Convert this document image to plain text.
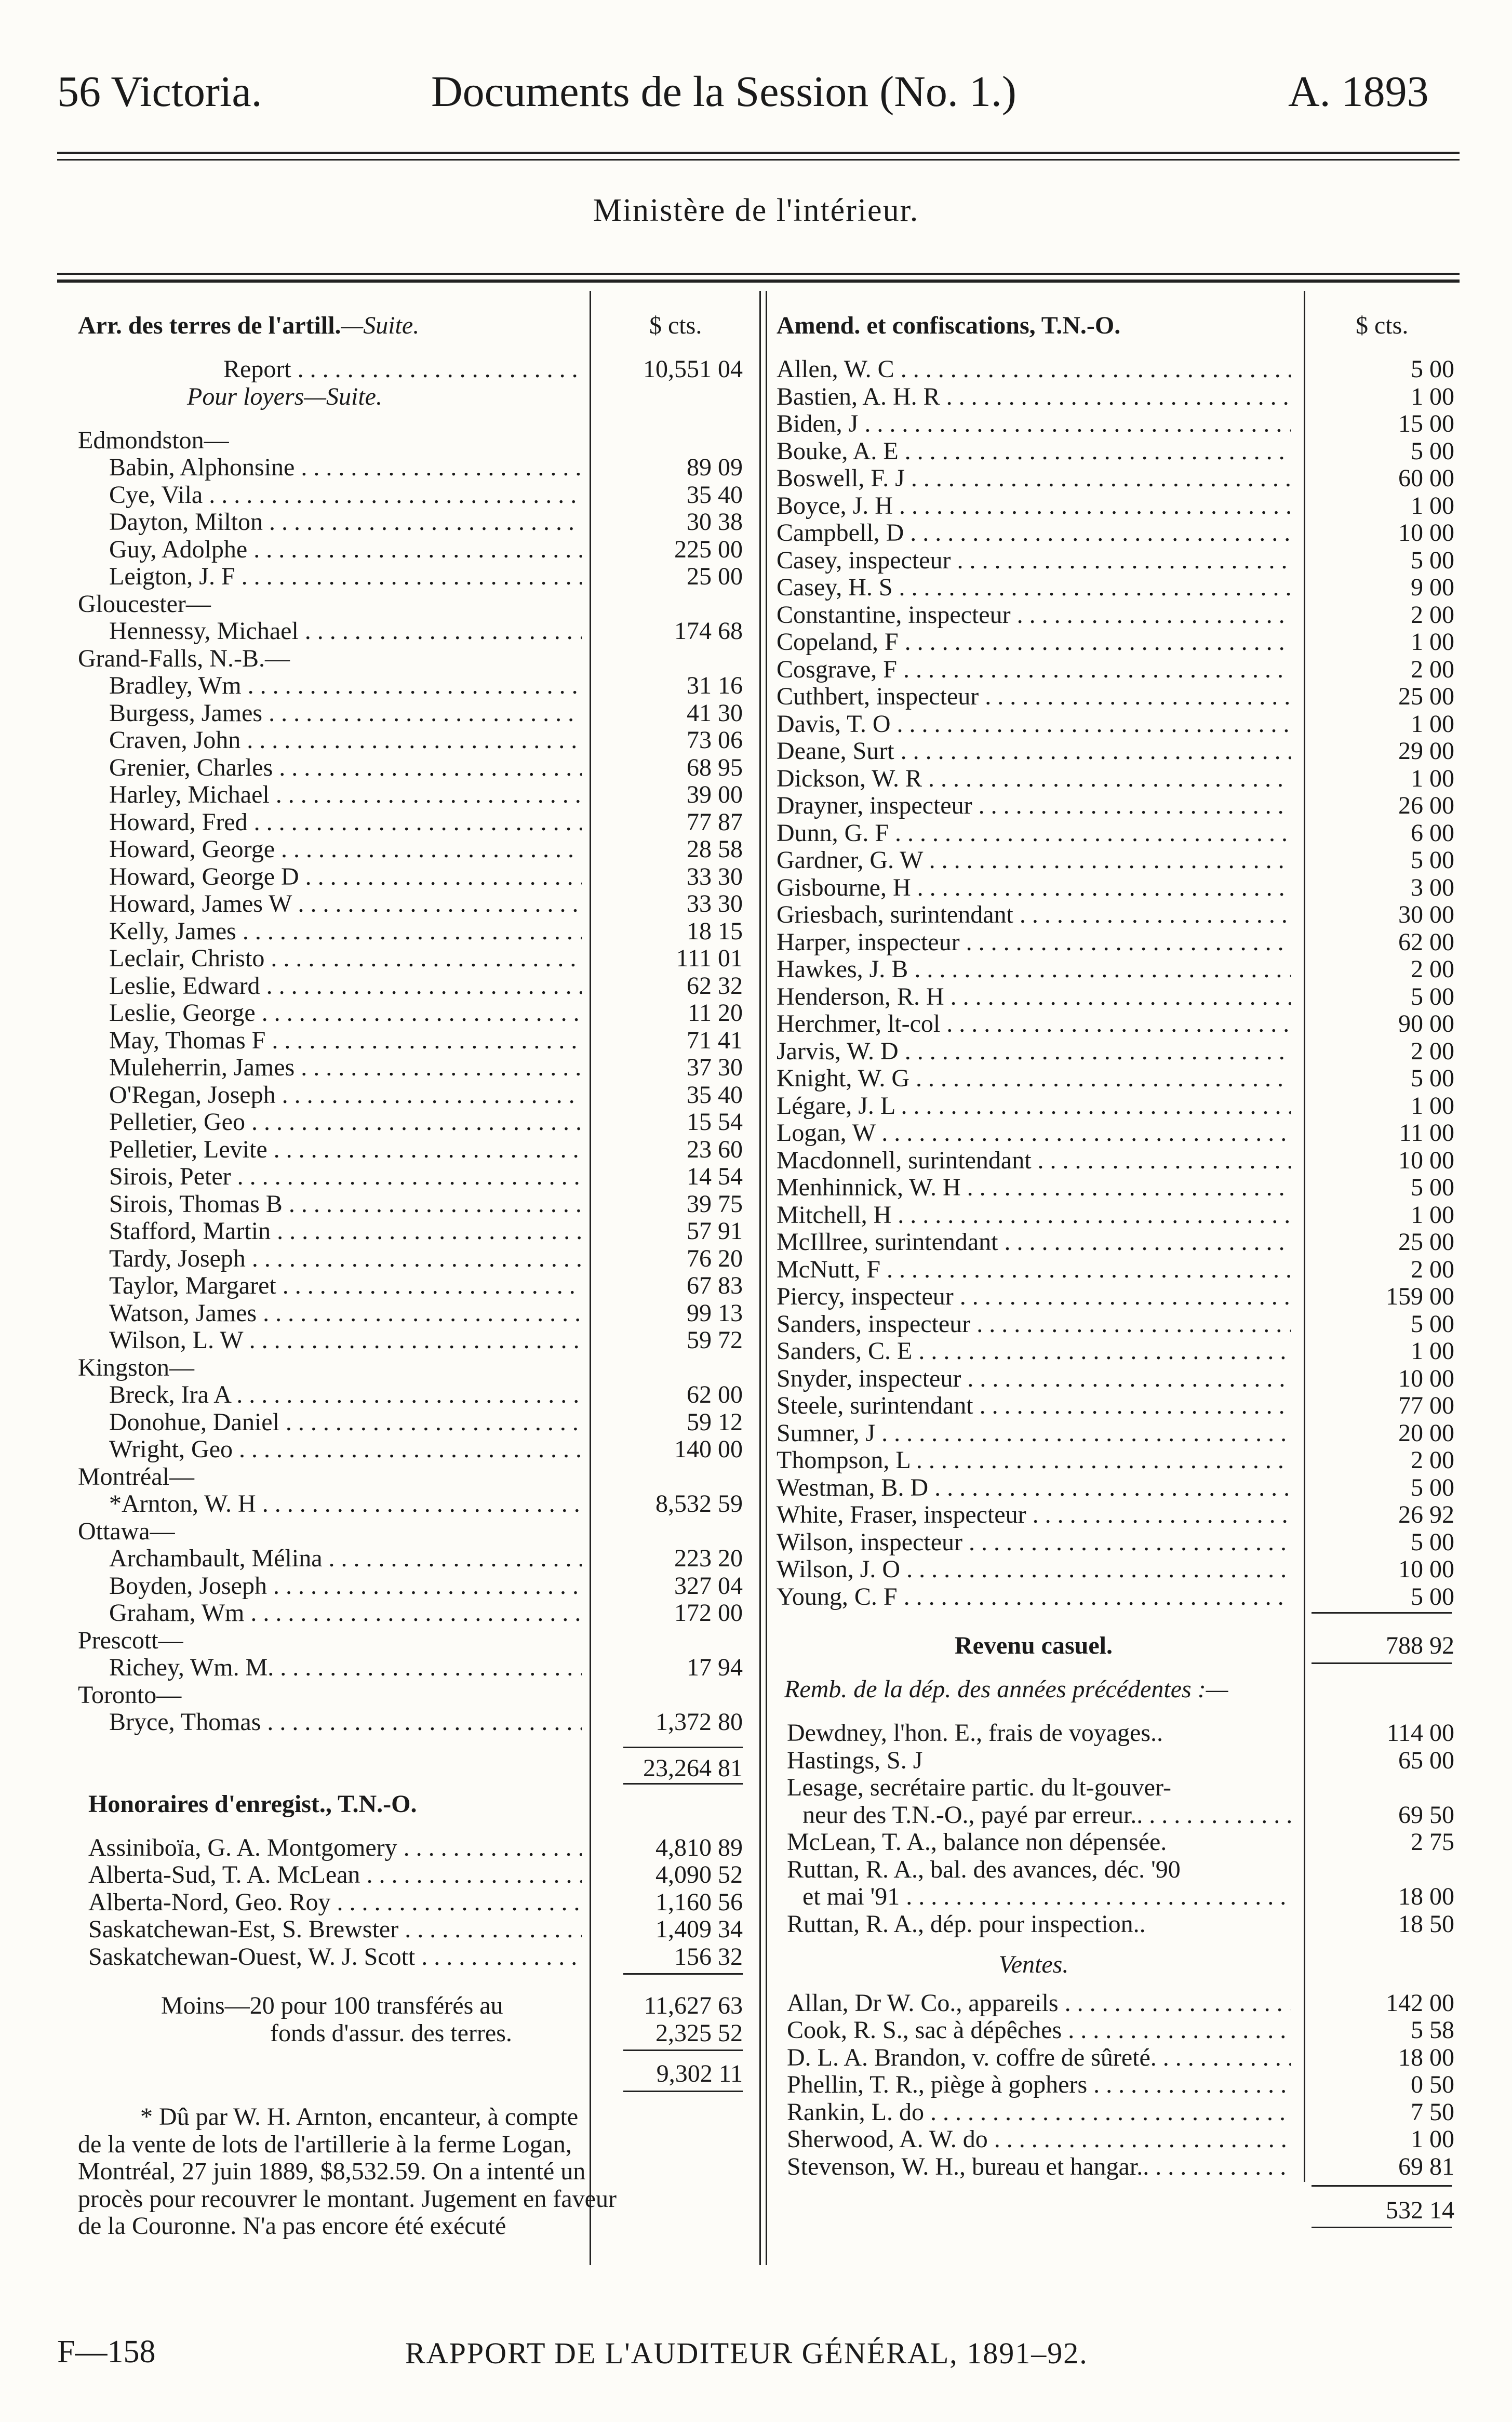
56 Victoria.	Documents de la Session (No. 1.)	A. 1893
Ministère de l'intérieur.
F—158	RAPPORT DE L'AUDITEUR GÉNÉRAL, 1891–92.
Arr. des terres de l'artill.—Suite.	$ cts.
Report . . .	10,551 04
Pour loyers—Suite.
Edmondston—
Babin, Alphonsine . . .	89 09
Cye, Vila . . .	35 40
Dayton, Milton . . .	30 38
Guy, Adolphe . . .	225 00
Leigton, J. F . . .	25 00
Gloucester—
Hennessy, Michael . . .	174 68
Grand-Falls, N.-B.—
Bradley, Wm . . .	31 16
Burgess, James . . .	41 30
Craven, John . . .	73 06
Grenier, Charles . . .	68 95
Harley, Michael . . .	39 00
Howard, Fred . . .	77 87
Howard, George . . .	28 58
Howard, George D . . .	33 30
Howard, James W . . .	33 30
Kelly, James . . .	18 15
Leclair, Christo . . .	111 01
Leslie, Edward . . .	62 32
Leslie, George . . .	11 20
May, Thomas F . . .	71 41
Muleherrin, James . . .	37 30
O'Regan, Joseph . . .	35 40
Pelletier, Geo . . .	15 54
Pelletier, Levite . . .	23 60
Sirois, Peter . . .	14 54
Sirois, Thomas B . . .	39 75
Stafford, Martin . . .	57 91
Tardy, Joseph . . .	76 20
Taylor, Margaret . . .	67 83
Watson, James . . .	99 13
Wilson, L. W . . .	59 72
Kingston—
Breck, Ira A . . .	62 00
Donohue, Daniel . . .	59 12
Wright, Geo . . .	140 00
Montréal—
*Arnton, W. H . . .	8,532 59
Ottawa—
Archambault, Mélina . . .	223 20
Boyden, Joseph . . .	327 04
Graham, Wm . . .	172 00
Prescott—
Richey, Wm. M. . . .	17 94
Toronto—
Bryce, Thomas . . .	1,372 80
23,264 81
Honoraires d'enregist., T.N.-O.
Assiniboïa, G. A. Montgomery . . .	4,810 89
Alberta-Sud, T. A. McLean . . .	4,090 52
Alberta-Nord, Geo. Roy . . .	1,160 56
Saskatchewan-Est, S. Brewster . . .	1,409 34
Saskatchewan-Ouest, W. J. Scott . . .	156 32
Moins—20 pour 100 transférés au	11,627 63
fonds d'assur. des terres.	2,325 52
9,302 11
* Dû par W. H. Arnton, encanteur, à compte
de la vente de lots de l'artillerie à la ferme Logan,
Montréal, 27 juin 1889, $8,532.59. On a intenté un
procès pour recouvrer le montant. Jugement en faveur
de la Couronne. N'a pas encore été exécuté
Amend. et confiscations, T.N.-O.	$ cts.
Allen, W. C . . .	5 00
Bastien, A. H. R . . .	1 00
Biden, J . . .	15 00
Bouke, A. E . . .	5 00
Boswell, F. J . . .	60 00
Boyce, J. H . . .	1 00
Campbell, D . . .	10 00
Casey, inspecteur . . .	5 00
Casey, H. S . . .	9 00
Constantine, inspecteur . . .	2 00
Copeland, F . . .	1 00
Cosgrave, F . . .	2 00
Cuthbert, inspecteur . . .	25 00
Davis, T. O . . .	1 00
Deane, Surt . . .	29 00
Dickson, W. R . . .	1 00
Drayner, inspecteur . . .	26 00
Dunn, G. F . . .	6 00
Gardner, G. W . . .	5 00
Gisbourne, H . . .	3 00
Griesbach, surintendant . . .	30 00
Harper, inspecteur . . .	62 00
Hawkes, J. B . . .	2 00
Henderson, R. H . . .	5 00
Herchmer, lt-col . . .	90 00
Jarvis, W. D . . .	2 00
Knight, W. G . . .	5 00
Légare, J. L . . .	1 00
Logan, W . . .	11 00
Macdonnell, surintendant . . .	10 00
Menhinnick, W. H . . .	5 00
Mitchell, H . . .	1 00
McIllree, surintendant . . .	25 00
McNutt, F . . .	2 00
Piercy, inspecteur . . .	159 00
Sanders, inspecteur . . .	5 00
Sanders, C. E . . .	1 00
Snyder, inspecteur . . .	10 00
Steele, surintendant . . .	77 00
Sumner, J . . .	20 00
Thompson, L . . .	2 00
Westman, B. D . . .	5 00
White, Fraser, inspecteur . . .	26 92
Wilson, inspecteur . . .	5 00
Wilson, J. O . . .	10 00
Young, C. F . . .	5 00
Revenu casuel.	788 92
Remb. de la dép. des années précédentes :—
Dewdney, l'hon. E., frais de voyages..	114 00
Hastings, S. J	65 00
Lesage, secrétaire partic. du lt-gouver-
neur des T.N.-O., payé par erreur.. . . .	69 50
McLean, T. A., balance non dépensée.	2 75
Ruttan, R. A., bal. des avances, déc. '90
et mai '91 . . .	18 00
Ruttan, R. A., dép. pour inspection..	18 50
Ventes.
Allan, Dr W. Co., appareils . . .	142 00
Cook, R. S., sac à dépêches . . .	5 58
D. L. A. Brandon, v. coffre de sûreté. . . .	18 00
Phellin, T. R., piège à gophers . . .	0 50
Rankin, L. do . . .	7 50
Sherwood, A. W. do . . .	1 00
Stevenson, W. H., bureau et hangar.. . . .	69 81
532 14
